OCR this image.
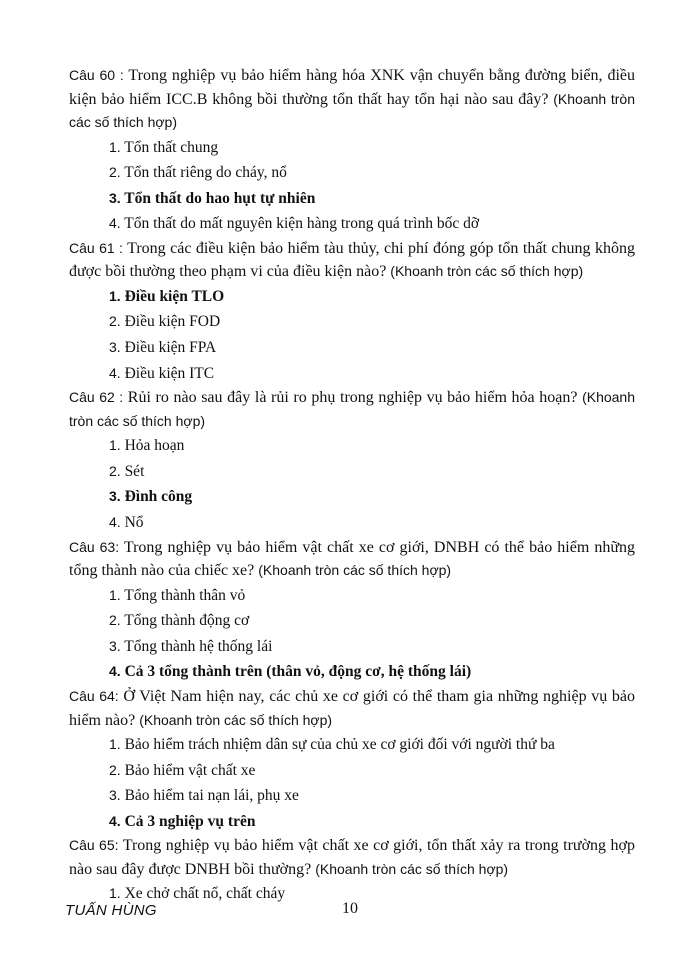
Câu 60 : Trong nghiệp vụ bảo hiểm hàng hóa XNK vận chuyển bằng đường biển, điều kiện bảo hiểm ICC.B không bồi thường tổn thất hay tổn hại nào sau đây? (Khoanh tròn các số thích hợp)
1. Tổn thất chung
2. Tổn thất riêng do cháy, nổ
3. Tổn thất do hao hụt tự nhiên
4. Tổn thất do mất nguyên kiện hàng trong quá trình bốc dỡ
Câu 61 : Trong các điều kiện bảo hiểm tàu thủy, chi phí đóng góp tổn thất chung không được bồi thường theo phạm vi của điều kiện nào? (Khoanh tròn các số thích hợp)
1. Điều kiện TLO
2. Điều kiện FOD
3. Điều kiện FPA
4. Điều kiện ITC
Câu 62 : Rủi ro nào sau đây là rủi ro phụ trong nghiệp vụ bảo hiểm hỏa hoạn? (Khoanh tròn các số thích hợp)
1. Hỏa hoạn
2. Sét
3. Đình công
4. Nổ
Câu 63: Trong nghiệp vụ bảo hiểm vật chất xe cơ giới, DNBH có thể bảo hiểm những tổng thành nào của chiếc xe? (Khoanh tròn các số thích hợp)
1. Tổng thành thân vỏ
2. Tổng thành động cơ
3. Tổng thành hệ thống lái
4. Cả 3 tổng thành trên (thân vỏ, động cơ, hệ thống lái)
Câu 64: Ở Việt Nam hiện nay, các chủ xe cơ giới có thể tham gia những nghiệp vụ bảo hiểm nào? (Khoanh tròn các số thích hợp)
1. Bảo hiểm trách nhiệm dân sự của chủ xe cơ giới đối với người thứ ba
2. Bảo hiểm vật chất xe
3. Bảo hiểm tai nạn lái, phụ xe
4. Cả 3 nghiệp vụ trên
Câu 65: Trong nghiệp vụ bảo hiểm vật chất xe cơ giới, tổn thất xảy ra trong trường hợp nào sau đây được DNBH bồi thường? (Khoanh tròn các số thích hợp)
1. Xe chở chất nổ, chất cháy
TUẤN HÙNG	10
